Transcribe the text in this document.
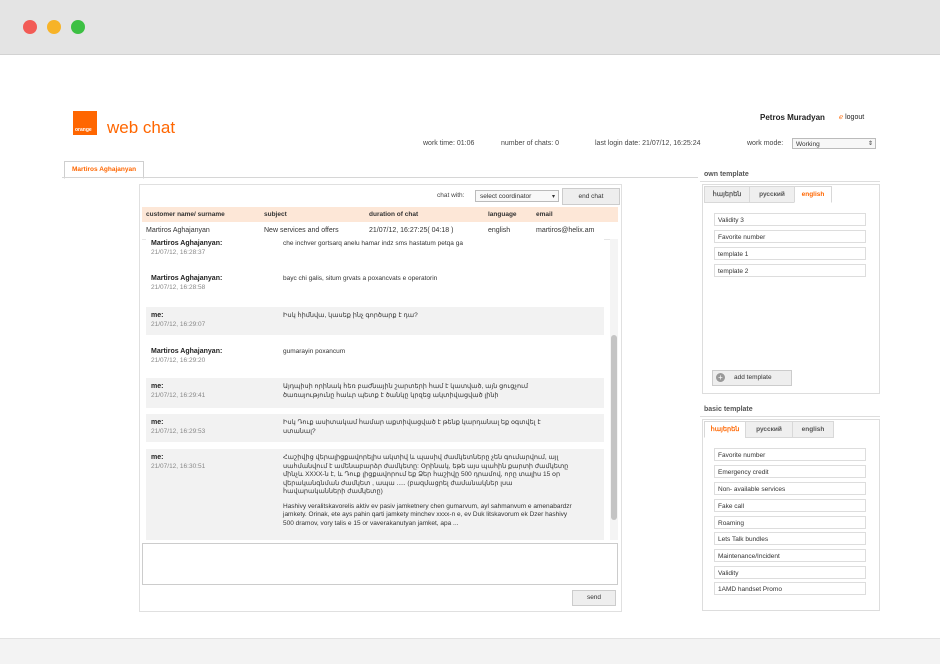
orange web chat
Petros Muradyan ℯ logout
work time: 01:06	number of chats: 0	last login date: 21/07/12, 16:25:24	work mode:	Working	⇕
Martiros Aghajanyan
chat with:	select coordinator	▾	end chat
customer name/ surname	subject	duration of chat	language	email
Martiros Aghajanyan	New services and offers	21/07/12, 16:27:25( 04:18 )	english	martiros@helix.am
Martiros Aghajanyan:
21/07/12, 16:28:37
che inchver gortsarq anelu hamar indz sms hastatum petqa ga
Martiros Aghajanyan:
21/07/12, 16:28:58
bayc chi galis, situm grvats a poxancvats e operatorin
me:
21/07/12, 16:29:07
Իսկ հիմնվա, կասեք ինչ գործարք է դա?
Martiros Aghajanyan:
21/07/12, 16:29:20
gumarayin poxancum
me:
21/07/12, 16:29:41
Այդպիսի որինակ հեռ բաժնային շարտերի համ է կատված, այն ցուցչում ծառայությունը հաևր պետք է ծանկը կրզեց ակտիվացված լինի
me:
21/07/12, 16:29:53
Իսկ Դուք ասիտակամ համար աքտիվացված է թենք կարդանալ եք օգտվել է ստանալ?
me:
21/07/12, 16:30:51
Հաշիվից վերալիցքավորելիս ակտիվ և պասիվ ժամկետները չեն գումարվում, այլ սահմանվում է ամենաբարձր ժամկետը: Օրինակ, եթե այս պահին քարտի ժամկետը մինչև XXXX-ն է, և Դուք լիցքավորում եք Ձեր հաշիվը 500 դրամով, որը տալիս 15 օր վերականգնման ժամկետ , ապա ..... (բազմացրել ժամանակներ լսա հավարականների ժամկետը)
Hashivy veralitskavorelis aktiv ev pasiv jamketnery chen gumarvum, ayl sahmanvum e amenabardzr jamkety. Orinak, ete ays pahin qarti jamkety minchev xxxx-n e, ev Duk litskavorum ek Dzer hashivy 500 dramov, vory talis e 15 or vaverakanutyan jamket, apa ...
send
own template
հայերեն	русский	english
Validity 3
Favorite number
template 1
template 2
+	add template
basic template
հայերեն	русский	english
Favorite number
Emergency credit
Non- available services
Fake call
Roaming
Lets Talk bundles
Maintenance/Incident
Validity
1AMD handset Promo
